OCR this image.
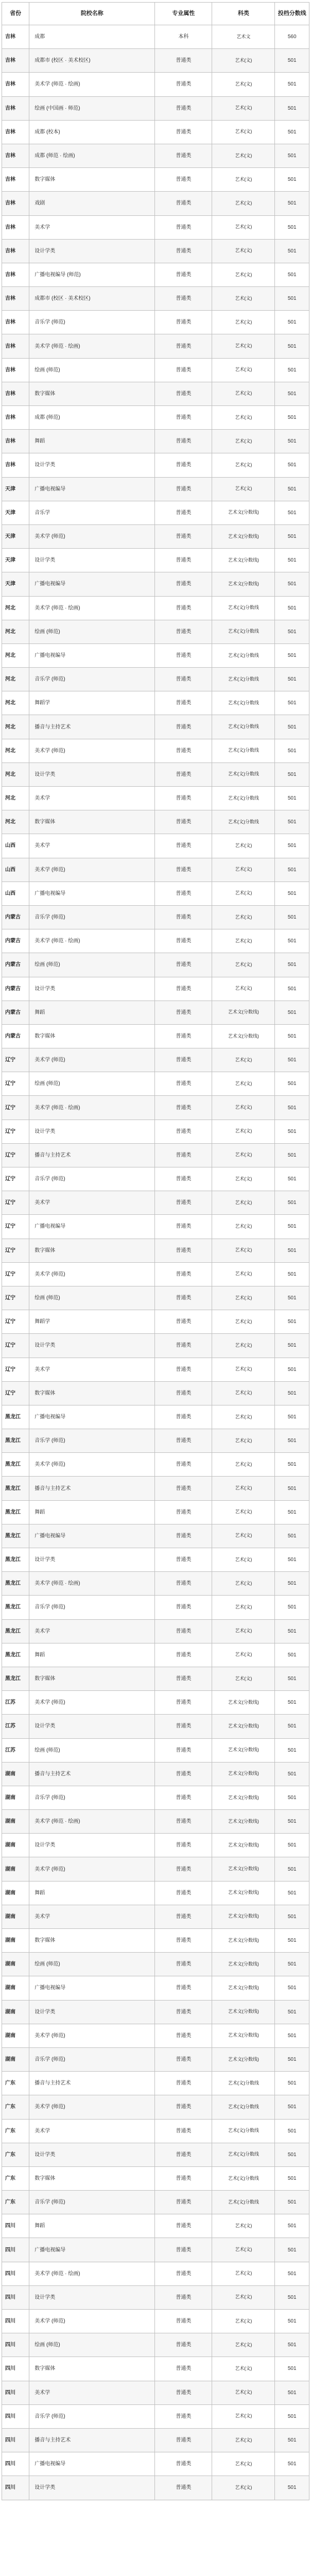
省份	院校名称	专业属性	科类	投档分数线
吉林	成都	本科	艺术文	560
吉林	成都市 (校区 · 美术校区)	普通类	艺术(文)	501
吉林	美术学 (师范 · 绘画)	普通类	艺术(文)	501
吉林	绘画 (中国画 · 师范)	普通类	艺术(文)	501
吉林	成都 (校本)	普通类	艺术(文)	501
吉林	成都 (师范 · 绘画)	普通类	艺术(文)	501
吉林	数字媒体	普通类	艺术(文)	501
吉林	戏剧	普通类	艺术(文)	501
吉林	美术学	普通类	艺术(文)	501
吉林	设计学类	普通类	艺术(文)	501
吉林	广播电视编导 (师范)	普通类	艺术(文)	501
吉林	成都市 (校区 · 美术校区)	普通类	艺术(文)	501
吉林	音乐学 (师范)	普通类	艺术(文)	501
吉林	美术学 (师范 · 绘画)	普通类	艺术(文)	501
吉林	绘画 (师范)	普通类	艺术(文)	501
吉林	数字媒体	普通类	艺术(文)	501
吉林	成都 (师范)	普通类	艺术(文)	501
吉林	舞蹈	普通类	艺术(文)	501
吉林	设计学类	普通类	艺术(文)	501
天津	广播电视编导	普通类	艺术(文)	501
天津	音乐学	普通类	艺术文(分数线)	501
天津	美术学 (师范)	普通类	艺术文(分数线)	501
天津	设计学类	普通类	艺术文(分数线)	501
天津	广播电视编导	普通类	艺术文(分数线)	501
河北	美术学 (师范 · 绘画)	普通类	艺术(文)分数线	501
河北	绘画 (师范)	普通类	艺术(文)分数线	501
河北	广播电视编导	普通类	艺术(文)分数线	501
河北	音乐学 (师范)	普通类	艺术(文)分数线	501
河北	舞蹈学	普通类	艺术(文)分数线	501
河北	播音与主持艺术	普通类	艺术(文)分数线	501
河北	美术学 (师范)	普通类	艺术(文)分数线	501
河北	设计学类	普通类	艺术(文)分数线	501
河北	美术学	普通类	艺术(文)分数线	501
河北	数字媒体	普通类	艺术(文)分数线	501
山西	美术学	普通类	艺术(文)	501
山西	美术学 (师范)	普通类	艺术(文)	501
山西	广播电视编导	普通类	艺术(文)	501
内蒙古	音乐学 (师范)	普通类	艺术(文)	501
内蒙古	美术学 (师范 · 绘画)	普通类	艺术(文)	501
内蒙古	绘画 (师范)	普通类	艺术(文)	501
内蒙古	设计学类	普通类	艺术(文)	501
内蒙古	舞蹈	普通类	艺术文(分数线)	501
内蒙古	数字媒体	普通类	艺术文(分数线)	501
辽宁	美术学 (师范)	普通类	艺术(文)	501
辽宁	绘画 (师范)	普通类	艺术(文)	501
辽宁	美术学 (师范 · 绘画)	普通类	艺术(文)	501
辽宁	设计学类	普通类	艺术(文)	501
辽宁	播音与主持艺术	普通类	艺术(文)	501
辽宁	音乐学 (师范)	普通类	艺术(文)	501
辽宁	美术学	普通类	艺术(文)	501
辽宁	广播电视编导	普通类	艺术(文)	501
辽宁	数字媒体	普通类	艺术(文)	501
辽宁	美术学 (师范)	普通类	艺术(文)	501
辽宁	绘画 (师范)	普通类	艺术(文)	501
辽宁	舞蹈学	普通类	艺术(文)	501
辽宁	设计学类	普通类	艺术(文)	501
辽宁	美术学	普通类	艺术(文)	501
辽宁	数字媒体	普通类	艺术(文)	501
黑龙江	广播电视编导	普通类	艺术(文)	501
黑龙江	音乐学 (师范)	普通类	艺术(文)	501
黑龙江	美术学 (师范)	普通类	艺术(文)	501
黑龙江	播音与主持艺术	普通类	艺术(文)	501
黑龙江	舞蹈	普通类	艺术(文)	501
黑龙江	广播电视编导	普通类	艺术(文)	501
黑龙江	设计学类	普通类	艺术(文)	501
黑龙江	美术学 (师范 · 绘画)	普通类	艺术(文)	501
黑龙江	音乐学 (师范)	普通类	艺术(文)	501
黑龙江	美术学	普通类	艺术(文)	501
黑龙江	舞蹈	普通类	艺术(文)	501
黑龙江	数字媒体	普通类	艺术(文)	501
江苏	美术学 (师范)	普通类	艺术文(分数线)	501
江苏	设计学类	普通类	艺术文(分数线)	501
江苏	绘画 (师范)	普通类	艺术文(分数线)	501
湖南	播音与主持艺术	普通类	艺术文(分数线)	501
湖南	音乐学 (师范)	普通类	艺术文(分数线)	501
湖南	美术学 (师范 · 绘画)	普通类	艺术文(分数线)	501
湖南	设计学类	普通类	艺术文(分数线)	501
湖南	美术学 (师范)	普通类	艺术文(分数线)	501
湖南	舞蹈	普通类	艺术文(分数线)	501
湖南	美术学	普通类	艺术文(分数线)	501
湖南	数字媒体	普通类	艺术文(分数线)	501
湖南	绘画 (师范)	普通类	艺术文(分数线)	501
湖南	广播电视编导	普通类	艺术文(分数线)	501
湖南	设计学类	普通类	艺术文(分数线)	501
湖南	美术学 (师范)	普通类	艺术文(分数线)	501
湖南	音乐学 (师范)	普通类	艺术文(分数线)	501
广东	播音与主持艺术	普通类	艺术(文)分数线	501
广东	美术学 (师范)	普通类	艺术(文)分数线	501
广东	美术学	普通类	艺术(文)分数线	501
广东	设计学类	普通类	艺术(文)分数线	501
广东	数字媒体	普通类	艺术(文)分数线	501
广东	音乐学 (师范)	普通类	艺术(文)分数线	501
四川	舞蹈	普通类	艺术(文)	501
四川	广播电视编导	普通类	艺术(文)	501
四川	美术学 (师范 · 绘画)	普通类	艺术(文)	501
四川	设计学类	普通类	艺术(文)	501
四川	美术学 (师范)	普通类	艺术(文)	501
四川	绘画 (师范)	普通类	艺术(文)	501
四川	数字媒体	普通类	艺术(文)	501
四川	美术学	普通类	艺术(文)	501
四川	音乐学 (师范)	普通类	艺术(文)	501
四川	播音与主持艺术	普通类	艺术(文)	501
四川	广播电视编导	普通类	艺术(文)	501
四川	设计学类	普通类	艺术(文)	501
